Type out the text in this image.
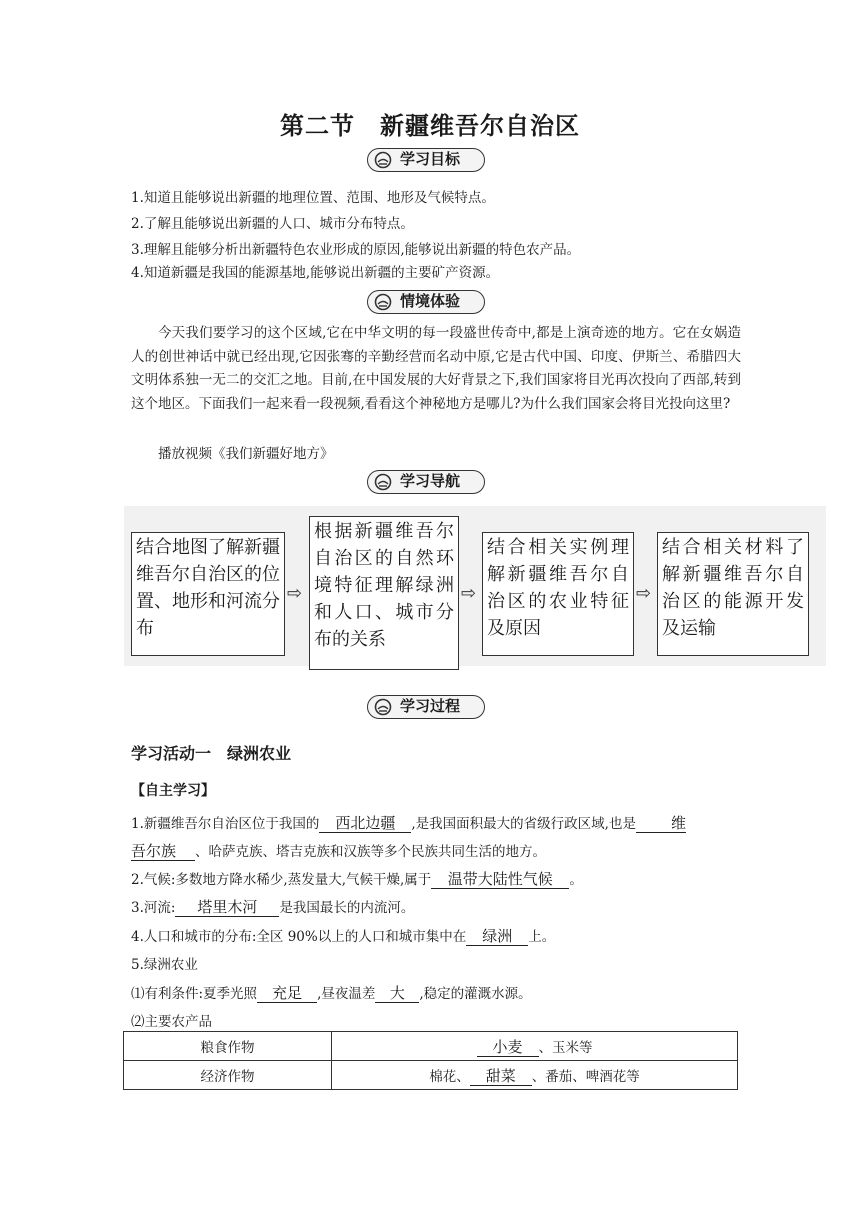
第二节　新疆维吾尔自治区
学习目标
1.知道且能够说出新疆的地理位置、范围、地形及气候特点。
2.了解且能够说出新疆的人口、城市分布特点。
3.理解且能够分析出新疆特色农业形成的原因,能够说出新疆的特色农产品。
4.知道新疆是我国的能源基地,能够说出新疆的主要矿产资源。
情境体验
今天我们要学习的这个区域,它在中华文明的每一段盛世传奇中,都是上演奇迹的地方。它在女娲造人的创世神话中就已经出现,它因张骞的辛勤经营而名动中原,它是古代中国、印度、伊斯兰、希腊四大文明体系独一无二的交汇之地。目前,在中国发展的大好背景之下,我们国家将目光再次投向了西部,转到这个地区。下面我们一起来看一段视频,看看这个神秘地方是哪儿?为什么我们国家会将目光投向这里?
播放视频《我们新疆好地方》
学习导航
结合地图了解新疆维吾尔自治区的位置、地形和河流分布
⇨
根据新疆维吾尔自治区的自然环境特征理解绿洲和人口、城市分布的关系
⇨
结合相关实例理解新疆维吾尔自治区的农业特征及原因
⇨
结合相关材料了解新疆维吾尔自治区的能源开发及运输
学习过程
学习活动一　绿洲农业
【自主学习】
1.新疆维吾尔自治区位于我国的 西北边疆 ,是我国面积最大的省级行政区域,也是 维
吾尔族 、哈萨克族、塔吉克族和汉族等多个民族共同生活的地方。
2.气候:多数地方降水稀少,蒸发量大,气候干燥,属于 温带大陆性气候 。
3.河流: 塔里木河 是我国最长的内流河。
4.人口和城市的分布:全区 90%以上的人口和城市集中在 绿洲 上。
5.绿洲农业
⑴有利条件:夏季光照 充足 ,昼夜温差 大 ,稳定的灌溉水源。
⑵主要农产品
粮食作物	小麦 、玉米等
经济作物	棉花、 甜菜 、番茄、啤酒花等
